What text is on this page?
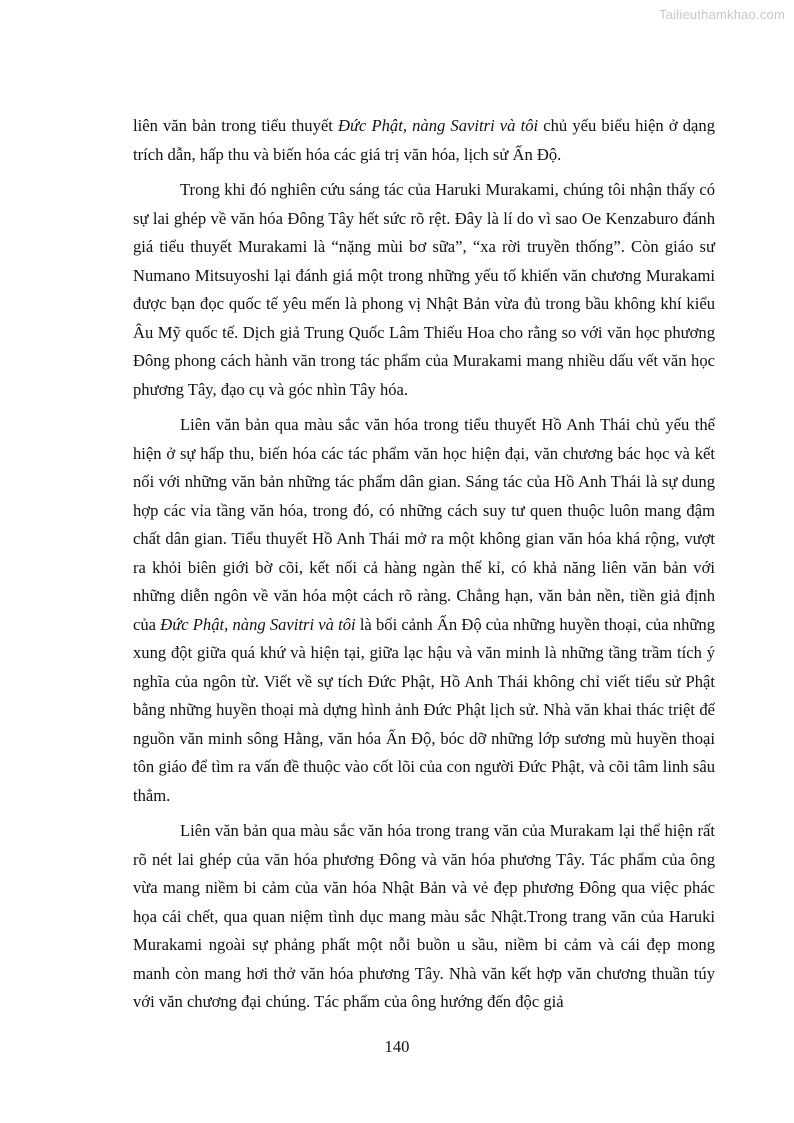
Tailieuthamkhao.com

liên văn bản trong tiểu thuyết Đức Phật, nàng Savitri và tôi chủ yếu biểu hiện ở dạng trích dẫn, hấp thu và biến hóa các giá trị văn hóa, lịch sử Ấn Độ.

Trong khi đó nghiên cứu sáng tác của Haruki Murakami, chúng tôi nhận thấy có sự lai ghép về văn hóa Đông Tây hết sức rõ rệt. Đây là lí do vì sao Oe Kenzaburo đánh giá tiểu thuyết Murakami là “nặng mùi bơ sữa”, “xa rời truyền thống”. Còn giáo sư Numano Mitsuyoshi lại đánh giá một trong những yếu tố khiến văn chương Murakami được bạn đọc quốc tế yêu mến là phong vị Nhật Bản vừa đủ trong bầu không khí kiểu Âu Mỹ quốc tế. Dịch giả Trung Quốc Lâm Thiếu Hoa cho rằng so với văn học phương Đông phong cách hành văn trong tác phẩm của Murakami mang nhiều dấu vết văn học phương Tây, đạo cụ và góc nhìn Tây hóa.

Liên văn bản qua màu sắc văn hóa trong tiểu thuyết Hồ Anh Thái chủ yếu thể hiện ở sự hấp thu, biến hóa các tác phẩm văn học hiện đại, văn chương bác học và kết nối với những văn bản những tác phẩm dân gian. Sáng tác của Hồ Anh Thái là sự dung hợp các vỉa tầng văn hóa, trong đó, có những cách suy tư quen thuộc luôn mang đậm chất dân gian. Tiểu thuyết Hồ Anh Thái mở ra một không gian văn hóa khá rộng, vượt ra khỏi biên giới bờ cõi, kết nối cả hàng ngàn thế kỉ, có khả năng liên văn bản với những diễn ngôn về văn hóa một cách rõ ràng. Chẳng hạn, văn bản nền, tiền giả định của Đức Phật, nàng Savitri và tôi là bối cảnh Ấn Độ của những huyền thoại, của những xung đột giữa quá khứ và hiện tại, giữa lạc hậu và văn minh là những tầng trầm tích ý nghĩa của ngôn từ. Viết về sự tích Đức Phật, Hồ Anh Thái không chỉ viết tiểu sử Phật bằng những huyền thoại mà dựng hình ảnh Đức Phật lịch sử. Nhà văn khai thác triệt để nguồn văn minh sông Hằng, văn hóa Ấn Độ, bóc dỡ những lớp sương mù huyền thoại tôn giáo để tìm ra vấn đề thuộc vào cốt lõi của con người Đức Phật, và cõi tâm linh sâu thẳm.

Liên văn bản qua màu sắc văn hóa trong trang văn của Murakam lại thể hiện rất rõ nét lai ghép của văn hóa phương Đông và văn hóa phương Tây. Tác phẩm của ông vừa mang niềm bi cảm của văn hóa Nhật Bản và vẻ đẹp phương Đông qua việc phác họa cái chết, qua quan niệm tình dục mang màu sắc Nhật.Trong trang văn của Haruki Murakami ngoài sự phảng phất một nỗi buồn u sầu, niềm bi cảm và cái đẹp mong manh còn mang hơi thở văn hóa phương Tây. Nhà văn kết hợp văn chương thuần túy với văn chương đại chúng. Tác phẩm của ông hướng đến độc giả

140
